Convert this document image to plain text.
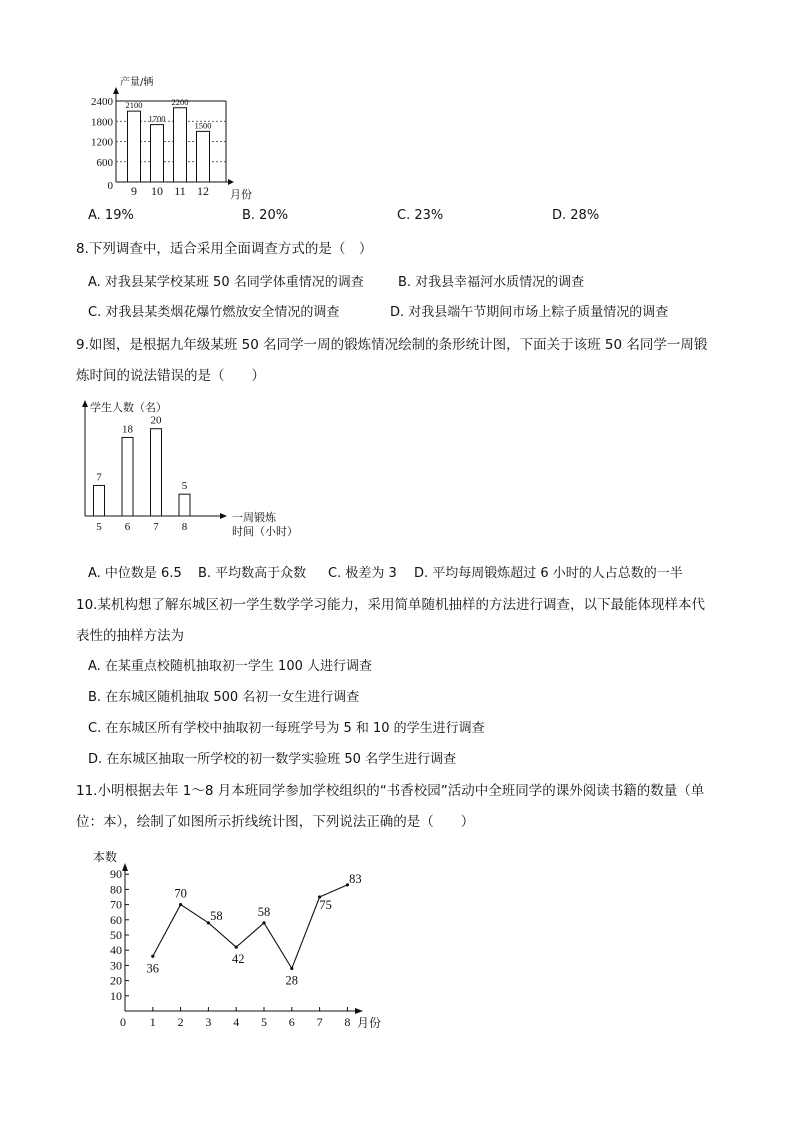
产量/辆
月份
0
600
1200
1800
2400 2100
9
1700
10
2200
11
1500
12
A. 19%	B. 20%	C. 23%	D. 28%
8.下列调查中，适合采用全面调查方式的是（　）
A. 对我县某学校某班 50 名同学体重情况的调查	B. 对我县幸福河水质情况的调查
C. 对我县某类烟花爆竹燃放安全情况的调查	D. 对我县端午节期间市场上粽子质量情况的调查
9.如图，是根据九年级某班 50 名同学一周的锻炼情况绘制的条形统计图，下面关于该班 50 名同学一周锻
炼时间的说法错误的是（　　）
学生人数（名）
一周锻炼
时间（小时）
7
5
18
6
20
7
5
8
A. 中位数是 6.5 B. 平均数高于众数 C. 极差为 3 D. 平均每周锻炼超过 6 小时的人占总数的一半
10.某机构想了解东城区初一学生数学学习能力，采用简单随机抽样的方法进行调查，以下最能体现样本代
表性的抽样方法为
A. 在某重点校随机抽取初一学生 100 人进行调查
B. 在东城区随机抽取 500 名初一女生进行调查
C. 在东城区所有学校中抽取初一每班学号为 5 和 10 的学生进行调查
D. 在东城区抽取一所学校的初一数学实验班 50 名学生进行调查
11.小明根据去年 1～8 月本班同学参加学校组织的“书香校园”活动中全班同学的课外阅读书籍的数量（单
位：本），绘制了如图所示折线统计图，下列说法正确的是（　　）
本数
月份
10
20
30
40
50
60
70
80
90
0 1 2 3 4 5 6 7 8
36
70
58
42
58
28
75
83
